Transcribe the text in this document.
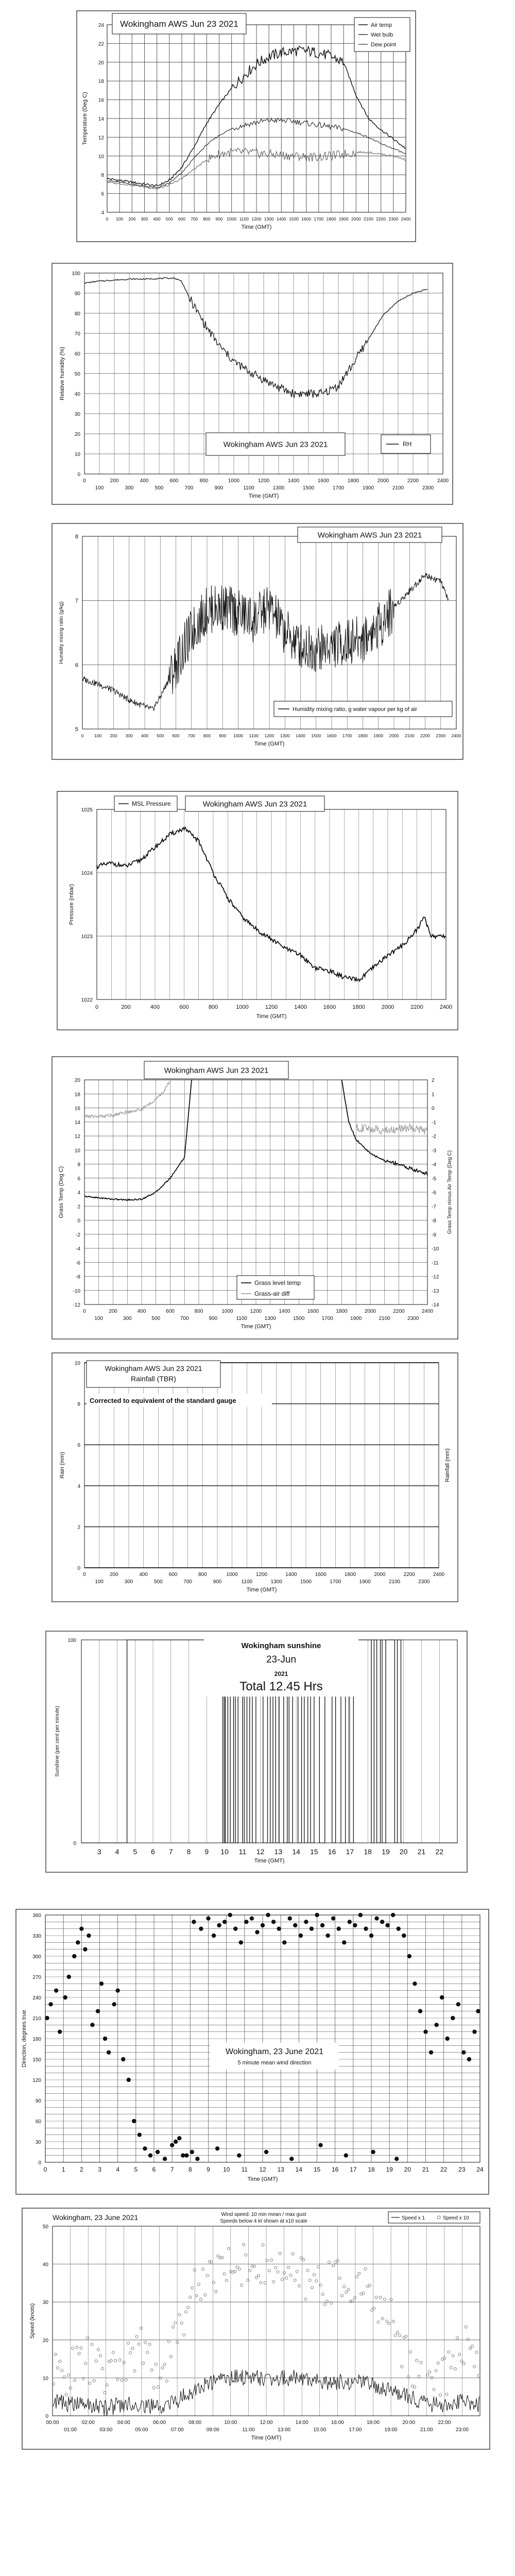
0 100 200 300 400 500 600 700 800 900 1000 1100 1200 1300 1400 1500 1600 1700 1800 1900 2000 2100 2200 2300 2400
4
6
8
10
12
14
16
18
20
22
24
Time (GMT)
Temperature (Deg C)
Wokingham AWS Jun 23 2021	Air temp
Wet bulb
Dew point
0	200	400	600	800	1000	1200	1400	1600	1800	2000	2200	2400
100	300	500	700	900	1100	1300	1500	1700	1900	2100	2300
0
10
20
30
40
50
60
70
80
90
100
Time (GMT)
Relative humidity (%)
Wokingham AWS Jun 23 2021	RH
0 100 200 300 400 500 600 700 800 900 1000 1100 1200 1300 1400 1500 1600 1700 1800 1900 2000 2100 2200 2300 2400
5
6
7
8
Time (GMT)
Humidity mixing ratio (g/kg)
Wokingham AWS Jun 23 2021
Humidity mixing ratio, g water vapour per kg of air
0	200	400	600	800	1000	1200	1400	1600	1800	2000	2200	2400
1022
1023
1024
1025
Time (GMT)
Pressure (mbar)
MSL Pressure	Wokingham AWS Jun 23 2021
0	200	400	600	800	1000	1200	1400	1600	1800	2000	2200	2400
100	300	500	700	900	1100	1300	1500	1700	1900	2100	2300
-12
-10
-8
-6
-4
-2
0
2
4
6
8
10
12
14
16
18
20
-14
-13
-12
-11
-10
-9
-8
-7
-6
-5
-4
-3
-2
-1
0
1
2
Time (GMT)
Grass Temp (Deg C)	Grass Temp minus Air Temp (Deg C)
Wokingham AWS Jun 23 2021
Grass level temp
Grass-air diff
0	200	400	600	800	1000	1200	1400	1600	1800	2000	2200	2400
100	300	500	700	900	1100	1300	1500	1700	1900	2100	2300
0
2
4
6
8
10
Time (GMT)
Rain (mm)	Rainfall (mm)
Wokingham AWS Jun 23 2021
Rainfall (TBR)
Corrected to equivalent of the standard gauge
3 4 5 6 7 8 9 10 11 12 13 14 15 16 17 18 19 20 21 22
0
100
Time (GMT)
Sunshine (per cent per minute)
Wokingham sunshine
23-Jun
2021
Total 12.45 Hrs
0 1 2 3 4 5 6 7 8 9 10 11 12 13 14 15 16 17 18 19 20 21 22 23 24
0
30
60
90
120
150
180
210
240
270
300
330
360
Time (GMT)
Direction, degrees true	Wokingham, 23 June 2021
5 minute mean wind direction
00:00	02:00	04:00	06:00	08:00	10:00	12:00	14:00	16:00	18:00	20:00	22:00
01:00	03:00	05:00	07:00	09:00	11:00	13:00	15:00	17:00	19:00	21:00	23:00
0
10
20
30
40
50
Time (GMT)
Speed (knots)
Wokingham, 23 June 2021	Wind speed: 10 min mean / max gust
Speeds below 4 kt shown at x10 scale
Speed x 1	Speed x 10
